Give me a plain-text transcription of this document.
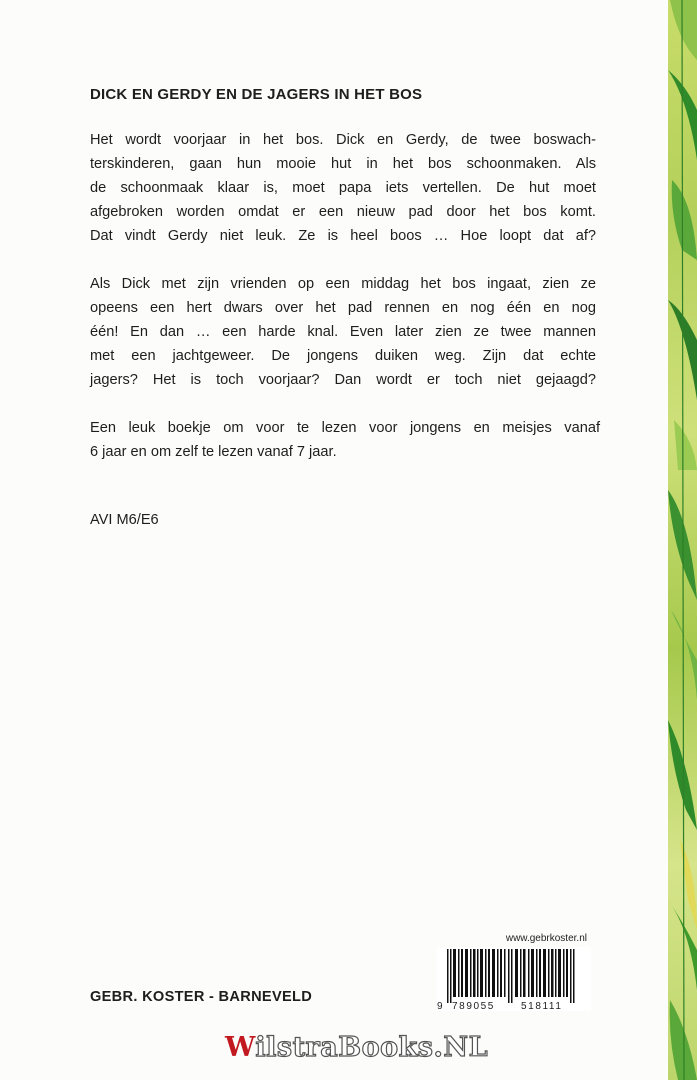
DICK EN GERDY EN DE JAGERS IN HET BOS
Het wordt voorjaar in het bos. Dick en Gerdy, de twee boswach-
terskinderen, gaan hun mooie hut in het bos schoonmaken. Als
de schoonmaak klaar is, moet papa iets vertellen. De hut moet
afgebroken worden omdat er een nieuw pad door het bos komt.
Dat vindt Gerdy niet leuk. Ze is heel boos … Hoe loopt dat af?
Als Dick met zijn vrienden op een middag het bos ingaat, zien ze
opeens een hert dwars over het pad rennen en nog één en nog
één! En dan … een harde knal. Even later zien ze twee mannen
met een jachtgeweer. De jongens duiken weg. Zijn dat echte
jagers? Het is toch voorjaar? Dan wordt er toch niet gejaagd?
Een leuk boekje om voor te lezen voor jongens en meisjes vanaf
6 jaar en om zelf te lezen vanaf 7 jaar.

AVI M6/E6

www.gebrkoster.nl

9 789055	518111

GEBR. KOSTER - BARNEVELD

WilstraBooks.NL
